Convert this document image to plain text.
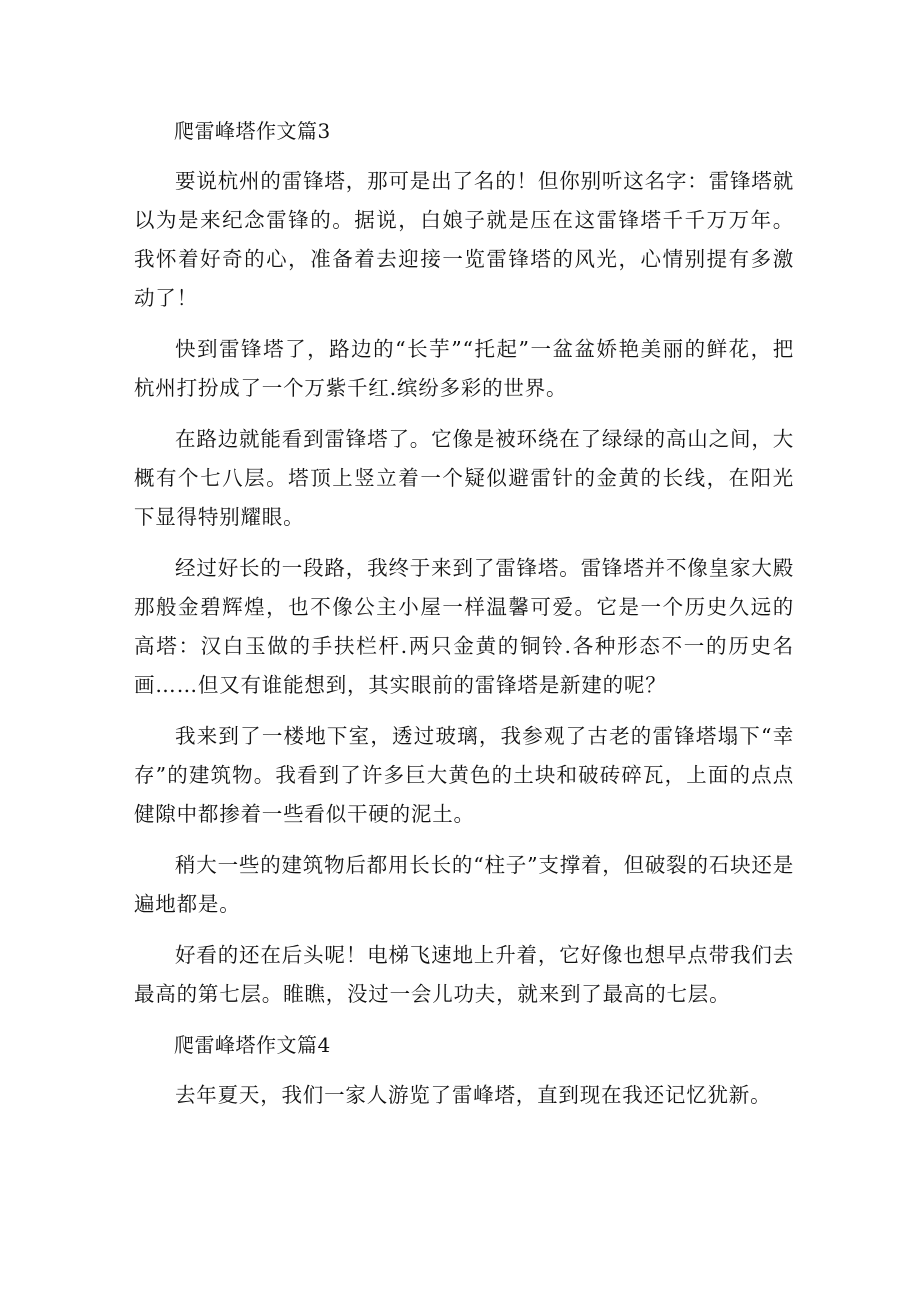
爬雷峰塔作文篇3

要说杭州的雷锋塔，那可是出了名的！但你别听这名字：雷锋塔就以为是来纪念雷锋的。据说，白娘子就是压在这雷锋塔千千万万年。我怀着好奇的心，准备着去迎接一览雷锋塔的风光，心情别提有多激动了！

快到雷锋塔了，路边的“长芋”“托起”一盆盆娇艳美丽的鲜花，把杭州打扮成了一个万紫千红.缤纷多彩的世界。

在路边就能看到雷锋塔了。它像是被环绕在了绿绿的高山之间，大概有个七八层。塔顶上竖立着一个疑似避雷针的金黄的长线，在阳光下显得特别耀眼。

经过好长的一段路，我终于来到了雷锋塔。雷锋塔并不像皇家大殿那般金碧辉煌，也不像公主小屋一样温馨可爱。它是一个历史久远的高塔：汉白玉做的手扶栏杆.两只金黄的铜铃.各种形态不一的历史名画……但又有谁能想到，其实眼前的雷锋塔是新建的呢？

我来到了一楼地下室，透过玻璃，我参观了古老的雷锋塔塌下“幸存”的建筑物。我看到了许多巨大黄色的土块和破砖碎瓦，上面的点点健隙中都掺着一些看似干硬的泥土。

稍大一些的建筑物后都用长长的“柱子”支撑着，但破裂的石块还是遍地都是。

好看的还在后头呢！电梯飞速地上升着，它好像也想早点带我们去最高的第七层。睢瞧，没过一会儿功夫，就来到了最高的七层。

爬雷峰塔作文篇4

去年夏天，我们一家人游览了雷峰塔，直到现在我还记忆犹新。
